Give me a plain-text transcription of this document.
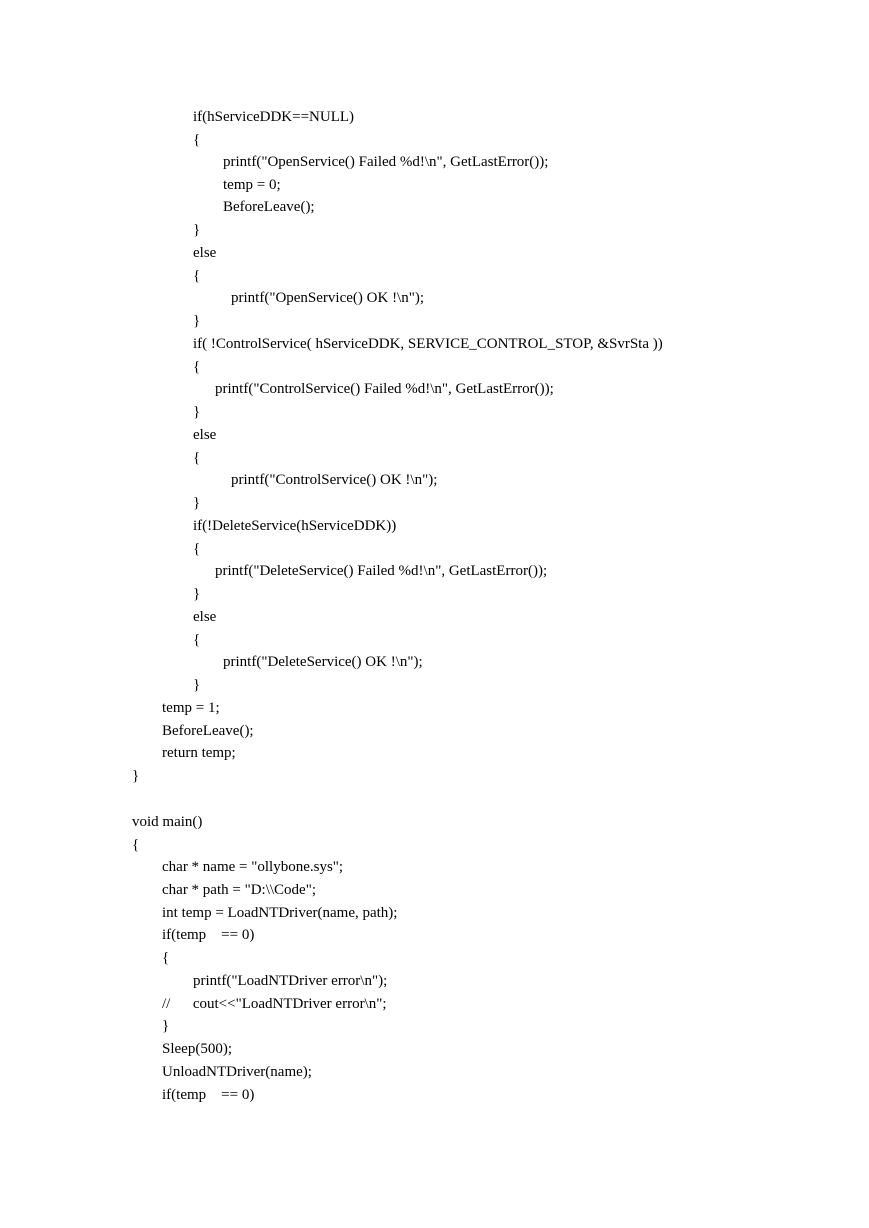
if(hServiceDDK==NULL)
{
printf("OpenService() Failed %d!\n", GetLastError());
temp = 0;
BeforeLeave();
}
else
{
printf("OpenService() OK !\n");
}
if( !ControlService( hServiceDDK, SERVICE_CONTROL_STOP, &SvrSta ))
{
printf("ControlService() Failed %d!\n", GetLastError());
}
else
{
printf("ControlService() OK !\n");
}
if(!DeleteService(hServiceDDK))
{
printf("DeleteService() Failed %d!\n", GetLastError());
}
else
{
printf("DeleteService() OK !\n");
}
temp = 1;
BeforeLeave();
return temp;
}
void main()
{
char * name = "ollybone.sys";
char * path = "D:\\Code";
int temp = LoadNTDriver(name, path);
if(temp    == 0)
{
printf("LoadNTDriver error\n");
//      cout<<"LoadNTDriver error\n";
}
Sleep(500);
UnloadNTDriver(name);
if(temp    == 0)
